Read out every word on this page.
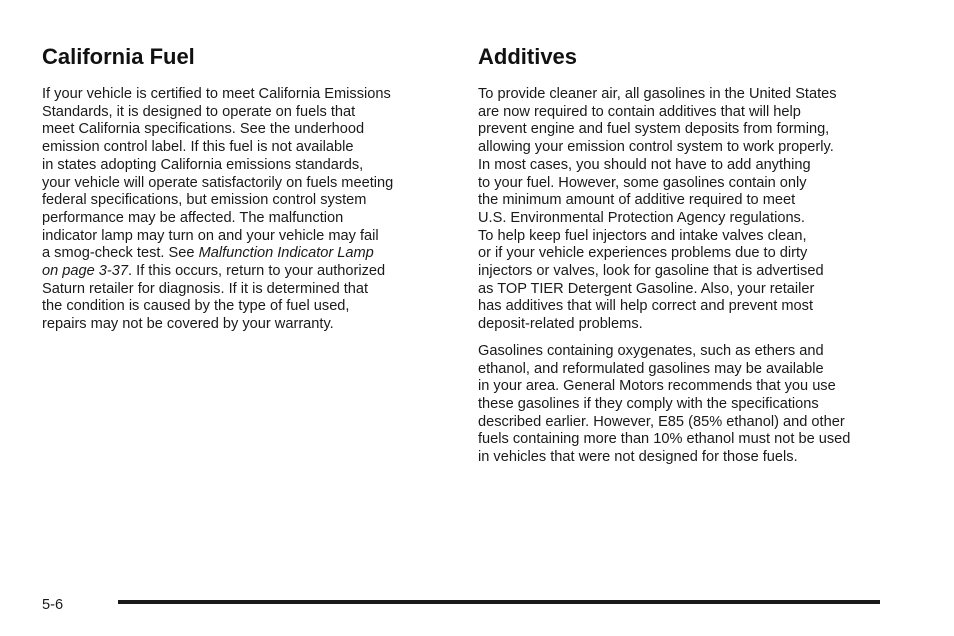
California Fuel

If your vehicle is certified to meet California Emissions
Standards, it is designed to operate on fuels that
meet California specifications. See the underhood
emission control label. If this fuel is not available
in states adopting California emissions standards,
your vehicle will operate satisfactorily on fuels meeting
federal specifications, but emission control system
performance may be affected. The malfunction
indicator lamp may turn on and your vehicle may fail
a smog-check test. See Malfunction Indicator Lamp
on page 3-37. If this occurs, return to your authorized
Saturn retailer for diagnosis. If it is determined that
the condition is caused by the type of fuel used,
repairs may not be covered by your warranty.

Additives

To provide cleaner air, all gasolines in the United States
are now required to contain additives that will help
prevent engine and fuel system deposits from forming,
allowing your emission control system to work properly.
In most cases, you should not have to add anything
to your fuel. However, some gasolines contain only
the minimum amount of additive required to meet
U.S. Environmental Protection Agency regulations.
To help keep fuel injectors and intake valves clean,
or if your vehicle experiences problems due to dirty
injectors or valves, look for gasoline that is advertised
as TOP TIER Detergent Gasoline. Also, your retailer
has additives that will help correct and prevent most
deposit-related problems.

Gasolines containing oxygenates, such as ethers and
ethanol, and reformulated gasolines may be available
in your area. General Motors recommends that you use
these gasolines if they comply with the specifications
described earlier. However, E85 (85% ethanol) and other
fuels containing more than 10% ethanol must not be used
in vehicles that were not designed for those fuels.

5-6
